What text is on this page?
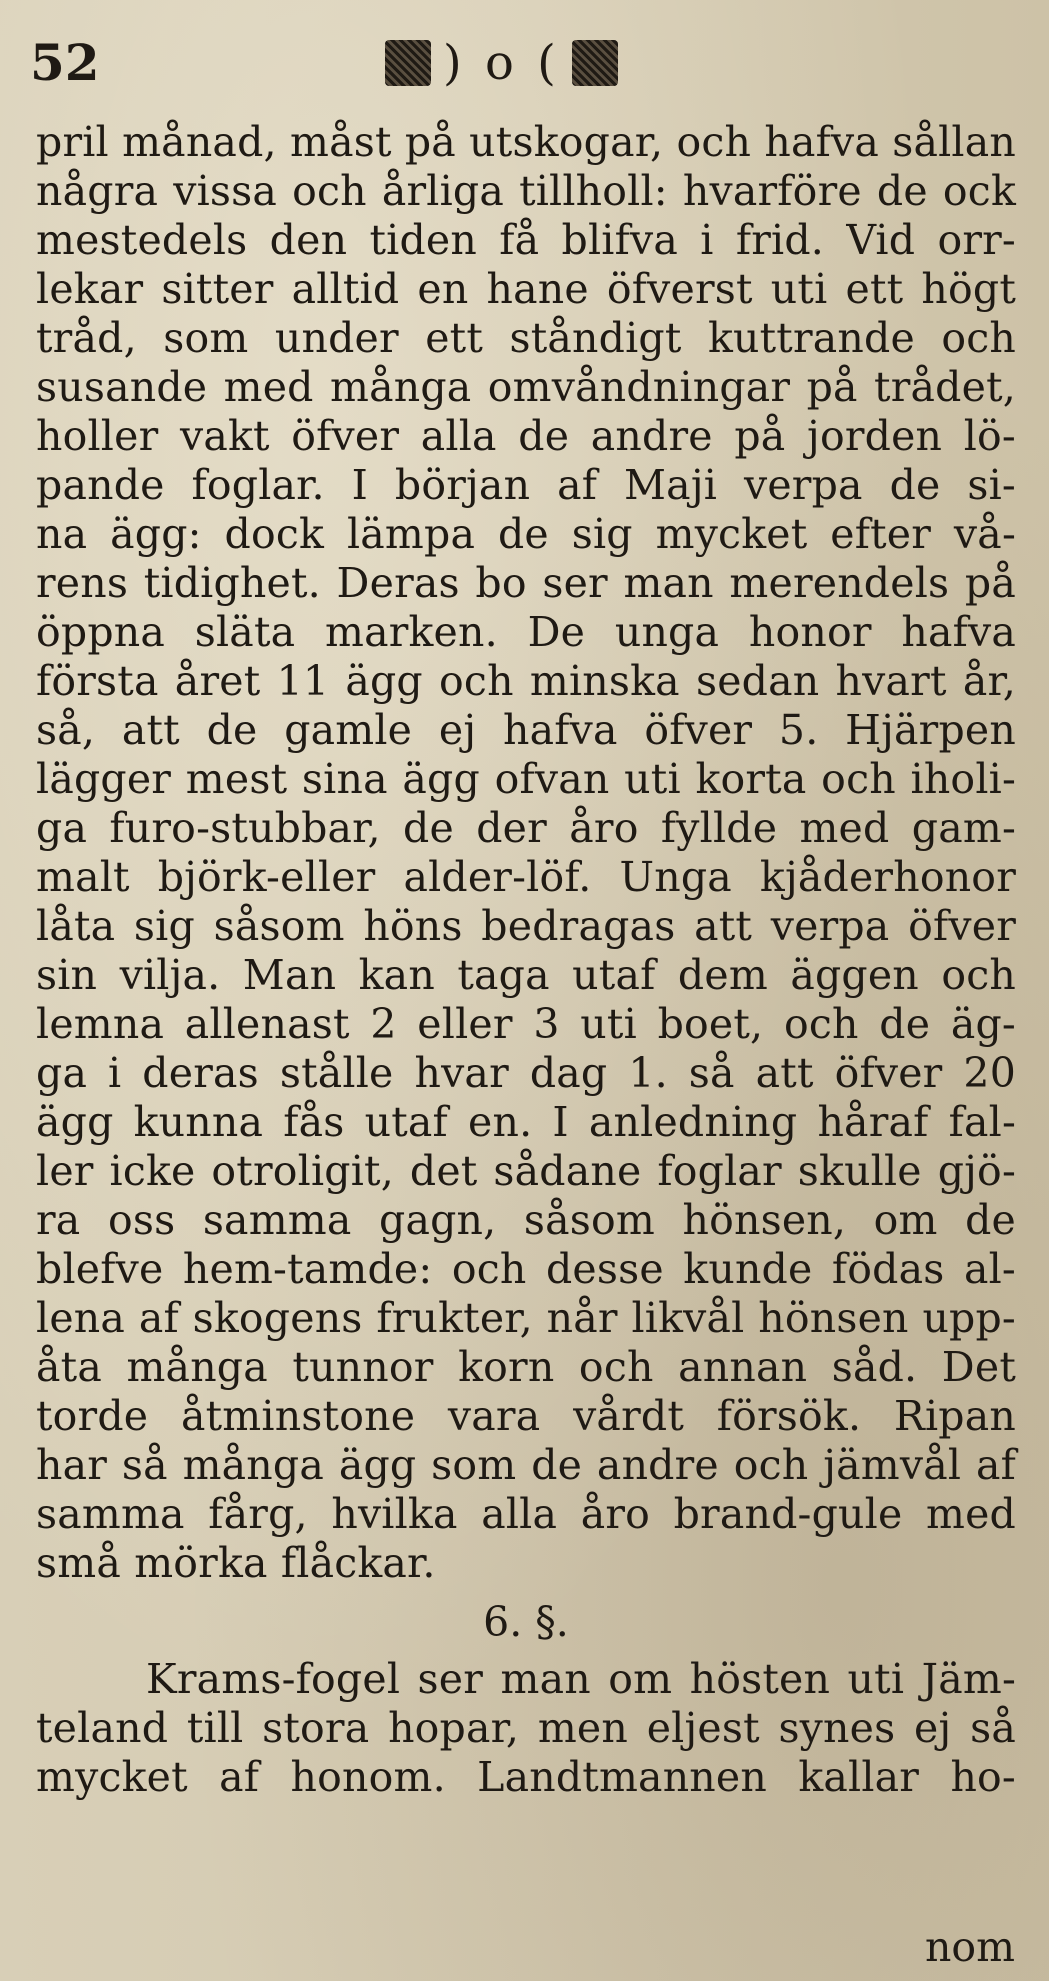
52	) o (
pril månad, måst på utskogar, och hafva sållan
några vissa och årliga tillholl: hvarföre de ock
mestedels den tiden få blifva i frid. Vid orr-
lekar sitter alltid en hane öfverst uti ett högt
tråd, som under ett ståndigt kuttrande och
susande med många omvåndningar på trådet,
holler vakt öfver alla de andre på jorden lö-
pande foglar. I början af Maji verpa de si-
na ägg: dock lämpa de sig mycket efter vå-
rens tidighet. Deras bo ser man merendels på
öppna släta marken. De unga honor hafva
första året 11 ägg och minska sedan hvart år,
så, att de gamle ej hafva öfver 5. Hjärpen
lägger mest sina ägg ofvan uti korta och iholi-
ga furo-stubbar, de der åro fyllde med gam-
malt björk-eller alder-löf. Unga kjåderhonor
låta sig såsom höns bedragas att verpa öfver
sin vilja. Man kan taga utaf dem äggen och
lemna allenast 2 eller 3 uti boet, och de äg-
ga i deras stålle hvar dag 1. så att öfver 20
ägg kunna fås utaf en. I anledning håraf fal-
ler icke otroligit, det sådane foglar skulle gjö-
ra oss samma gagn, såsom hönsen, om de
blefve hem-tamde: och desse kunde födas al-
lena af skogens frukter, når likvål hönsen upp-
åta många tunnor korn och annan såd. Det
torde åtminstone vara vårdt försök. Ripan
har så många ägg som de andre och jämvål af
samma fårg, hvilka alla åro brand-gule med
små mörka flåckar.
6. §.
Krams-fogel ser man om hösten uti Jäm-
teland till stora hopar, men eljest synes ej så
mycket af honom. Landtmannen kallar ho-
nom
